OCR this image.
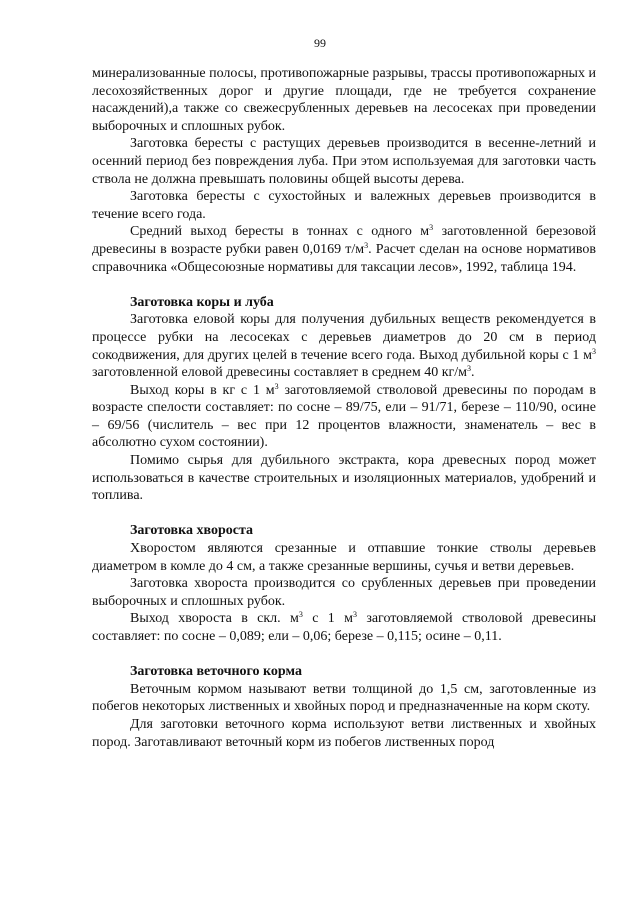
99

минерализованные полосы, противопожарные разрывы, трассы противопожарных и лесохозяйственных дорог и другие площади, где не требуется сохранение насаждений),а также со свежесрубленных деревьев на лесосеках при проведении выборочных и сплошных рубок.

Заготовка бересты с растущих деревьев производится в весенне-летний и осенний период без повреждения луба. При этом используемая для заготовки часть ствола не должна превышать половины общей высоты дерева.

Заготовка бересты с сухостойных и валежных деревьев производится в течение всего года.

Средний выход бересты в тоннах с одного $м^3$ заготовленной березовой древесины в возрасте рубки равен 0,0169 $т/м^3$. Расчет сделан на основе нормативов справочника «Общесоюзные нормативы для таксации лесов», 1992, таблица 194.

Заготовка коры и луба

Заготовка еловой коры для получения дубильных веществ рекомендуется в процессе рубки на лесосеках с деревьев диаметров до 20 см в период сокодвижения, для других целей в течение всего года. Выход дубильной коры с 1 $м^3$ заготовленной еловой древесины составляет в среднем 40 $кг/м^3$.

Выход коры в кг с 1 $м^3$ заготовляемой стволовой древесины по породам в возрасте спелости составляет: по сосне – 89/75, ели – 91/71, березе – 110/90, осине – 69/56 (числитель – вес при 12 процентов влажности, знаменатель – вес в абсолютно сухом состоянии).

Помимо сырья для дубильного экстракта, кора древесных пород может использоваться в качестве строительных и изоляционных материалов, удобрений и топлива.

Заготовка хвороста

Хворостом являются срезанные и отпавшие тонкие стволы деревьев диаметром в комле до 4 см, а также срезанные вершины, сучья и ветви деревьев.

Заготовка хвороста производится со срубленных деревьев при проведении выборочных и сплошных рубок.

Выход хвороста в скл. $м^3$ с 1 $м^3$ заготовляемой стволовой древесины составляет: по сосне – 0,089; ели – 0,06; березе – 0,115; осине – 0,11.

Заготовка веточного корма

Веточным кормом называют ветви толщиной до 1,5 см, заготовленные из побегов некоторых лиственных и хвойных пород и предназначенные на корм скоту.

Для заготовки веточного корма используют ветви лиственных и хвойных пород. Заготавливают веточный корм из побегов лиственных пород
